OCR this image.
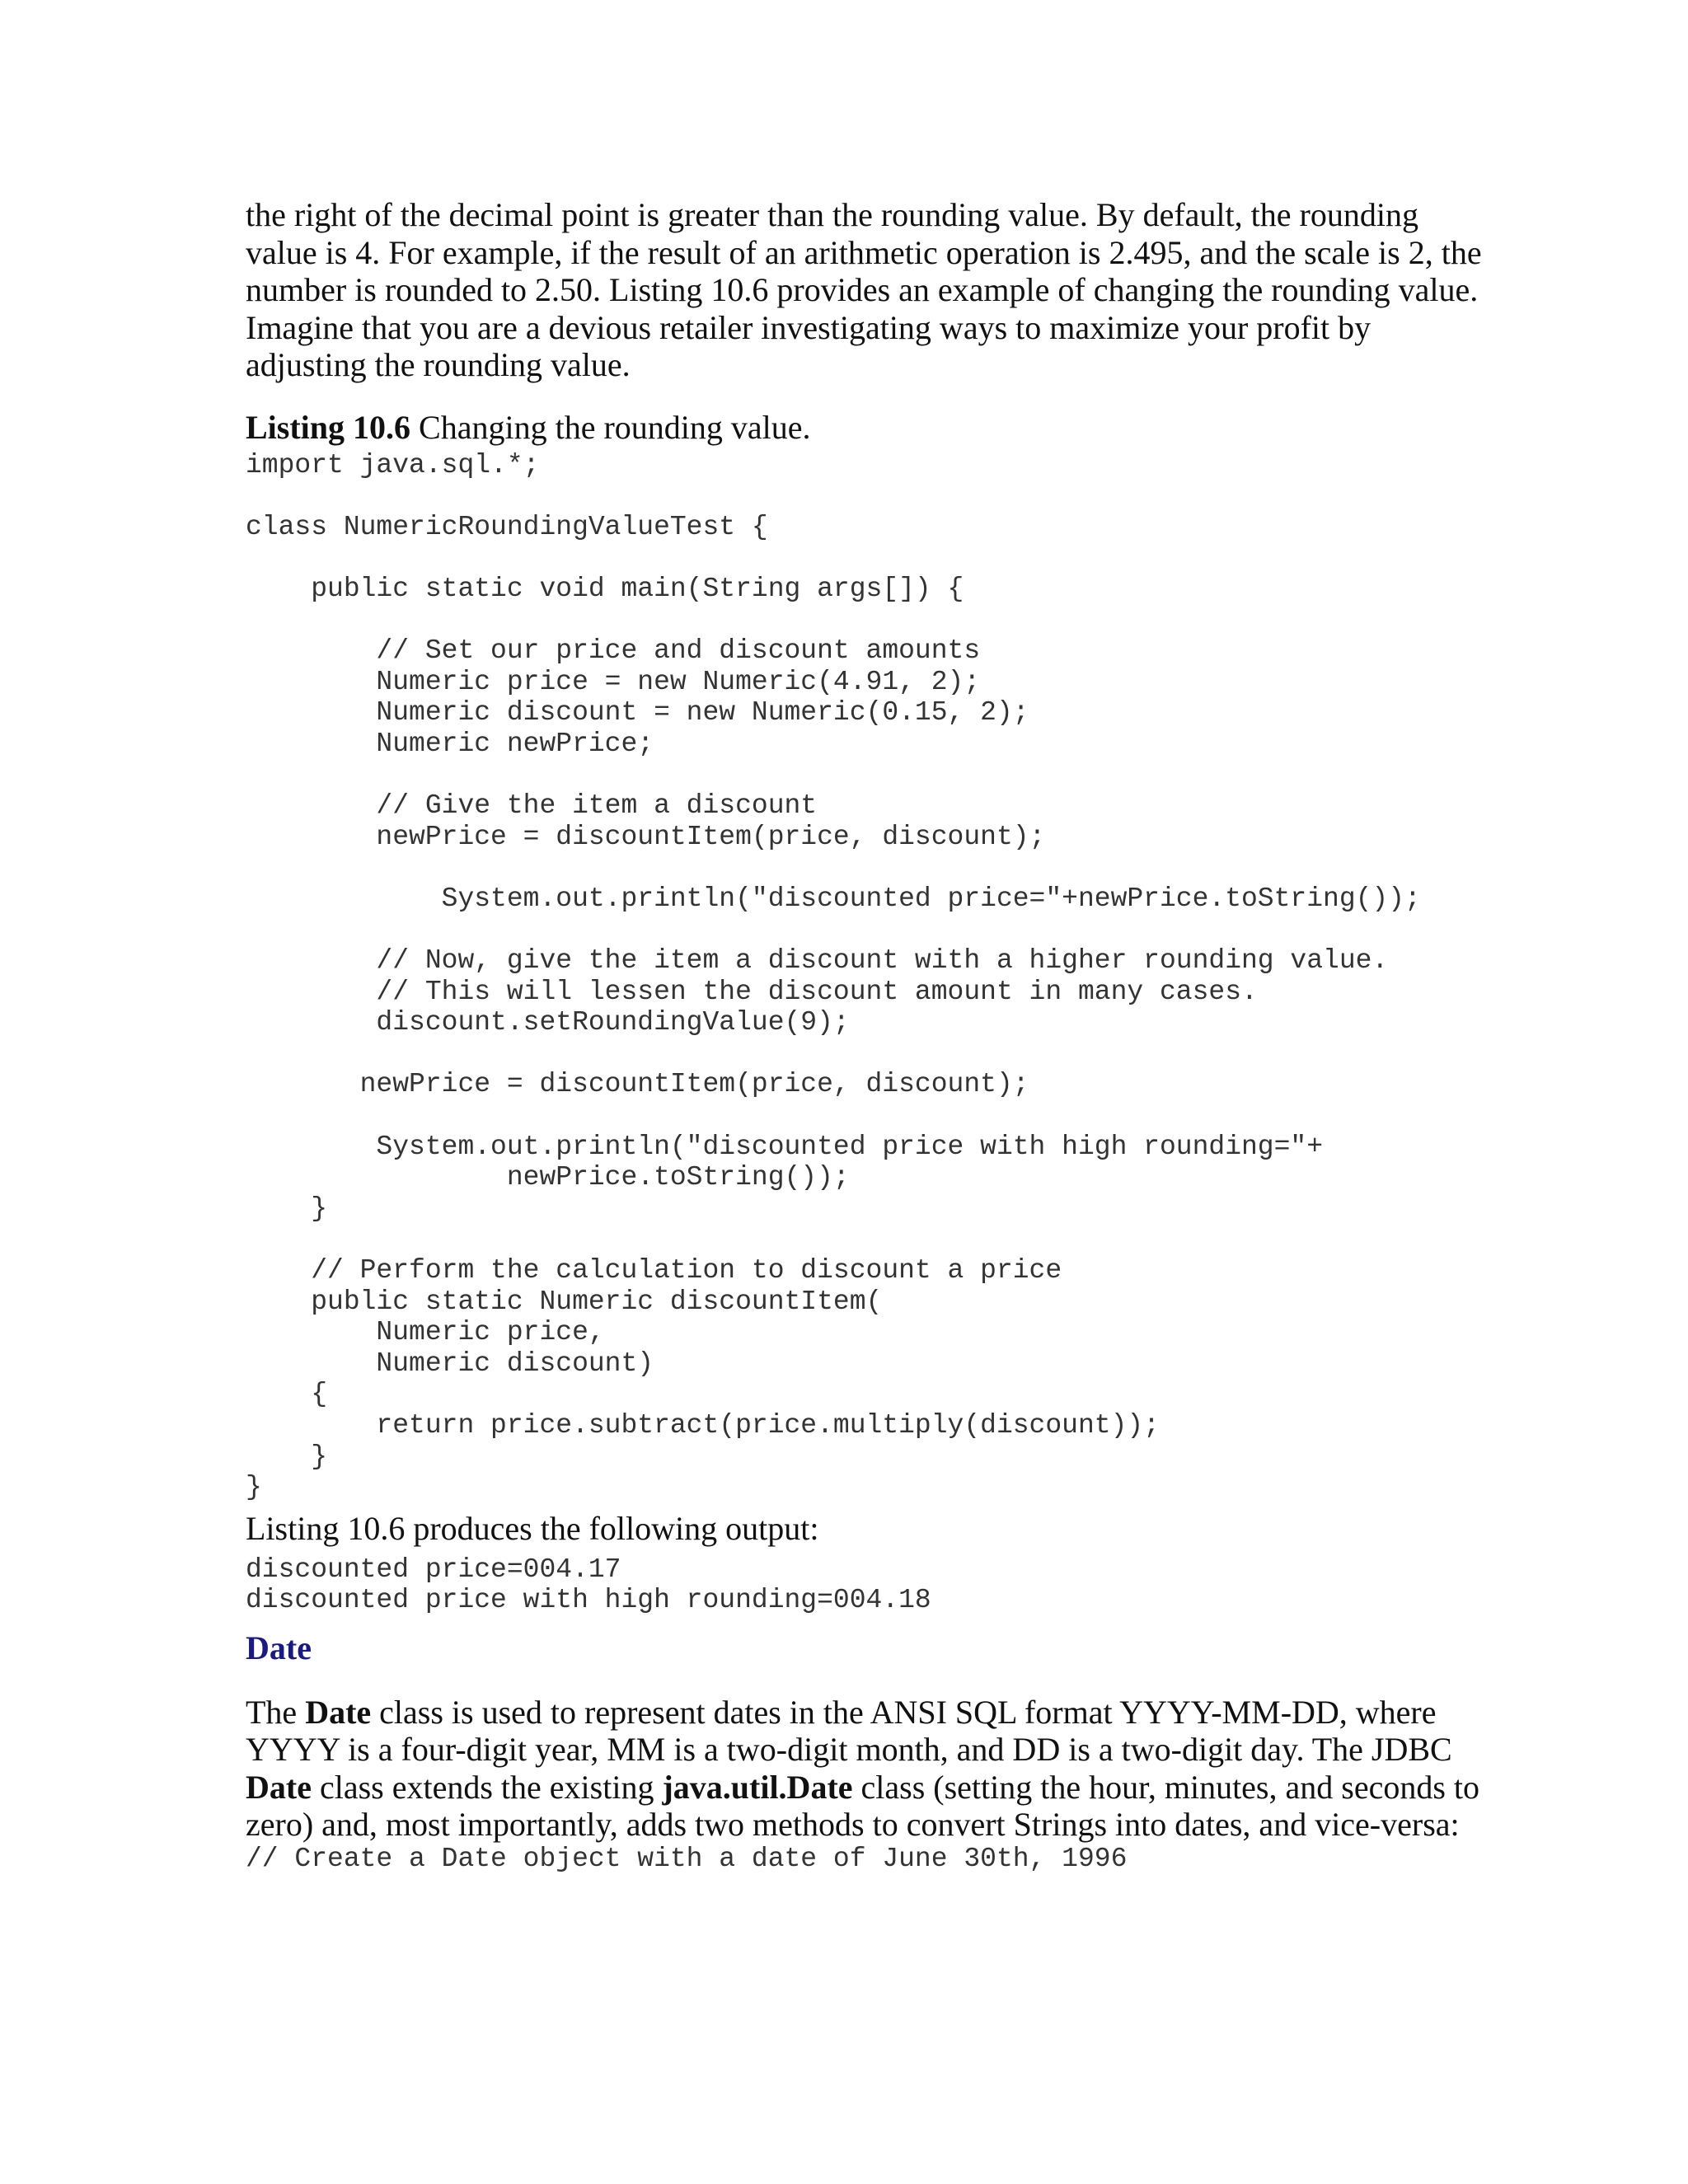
the right of the decimal point is greater than the rounding value. By default, the rounding value is 4. For example, if the result of an arithmetic operation is 2.495, and the scale is 2, the number is rounded to 2.50. Listing 10.6 provides an example of changing the rounding value. Imagine that you are a devious retailer investigating ways to maximize your profit by adjusting the rounding value.

Listing 10.6 Changing the rounding value.

import java.sql.*;

class NumericRoundingValueTest {

public static void main(String args[]) {

// Set our price and discount amounts
Numeric price = new Numeric(4.91, 2);
Numeric discount = new Numeric(0.15, 2);
Numeric newPrice;

// Give the item a discount
newPrice = discountItem(price, discount);

System.out.println("discounted price="+newPrice.toString());

// Now, give the item a discount with a higher rounding value.
// This will lessen the discount amount in many cases.
discount.setRoundingValue(9);

newPrice = discountItem(price, discount);

System.out.println("discounted price with high rounding="+
newPrice.toString());
}

// Perform the calculation to discount a price
public static Numeric discountItem(
Numeric price,
Numeric discount)
{
return price.subtract(price.multiply(discount));
}
}

Listing 10.6 produces the following output:

discounted price=004.17
discounted price with high rounding=004.18
Date

The Date class is used to represent dates in the ANSI SQL format YYYY-MM-DD, where YYYY is a four-digit year, MM is a two-digit month, and DD is a two-digit day. The JDBC Date class extends the existing java.util.Date class (setting the hour, minutes, and seconds to zero) and, most importantly, adds two methods to convert Strings into dates, and vice-versa:

// Create a Date object with a date of June 30th, 1996
